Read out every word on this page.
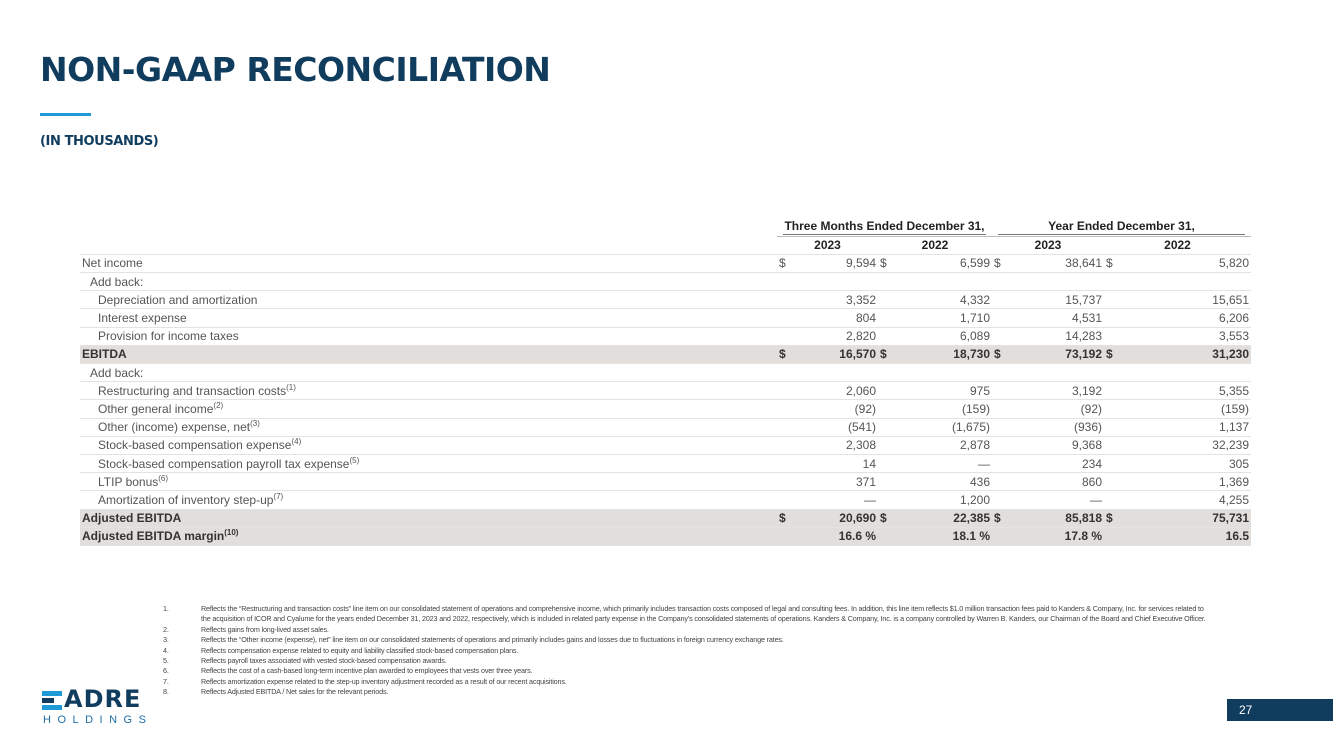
NON-GAAP RECONCILIATION
(IN THOUSANDS)

	Three Months Ended December 31,				Year Ended December 31,			

	2023		2022		2023		2022	
Net income	$	9,594	$	6,599	$	38,641	$	5,820
Add back:								
Depreciation and amortization		3,352		4,332		15,737		15,651
Interest expense		804		1,710		4,531		6,206
Provision for income taxes		2,820		6,089		14,283		3,553
EBITDA	$	16,570	$	18,730	$	73,192	$	31,230
Add back:								
Restructuring and transaction costs$^{(1)}$		2,060		975		3,192		5,355
Other general income$^{(2)}$		(92)		(159)		(92)		(159)
Other (income) expense, net$^{(3)}$		(541)		(1,675)		(936)		1,137
Stock-based compensation expense$^{(4)}$		2,308		2,878		9,368		32,239
Stock-based compensation payroll tax expense$^{(5)}$		14		—		234		305
LTIP bonus$^{(6)}$		371		436		860		1,369
Amortization of inventory step-$up^{(7)}$		—		1,200		—		4,255
Adjusted EBITDA	$	20,690	$	22,385	$	85,818	$	75,731
Adjusted EBITDA margin$^{(10)}$		16.6 %		18.1 %		17.8 %		16.5
1.	Reflects the “Restructuring and transaction costs” line item on our consolidated statement of operations and comprehensive income, which primarily includes transaction costs composed of legal and consulting fees. In addition, this line item reflects $1.0 million transaction fees paid to Kanders & Company, Inc. for services related to the acquisition of ICOR and Cyalume for the years ended December 31, 2023 and 2022, respectively, which is included in related party expense in the Company’s consolidated statements of operations. Kanders & Company, Inc. is a company controlled by Warren B. Kanders, our Chairman of the Board and Chief Executive Officer.
2.	Reflects gains from long-lived asset sales.
3.	Reflects the “Other income (expense), net” line item on our consolidated statements of operations and primarily includes gains and losses due to fluctuations in foreign currency exchange rates.
4.	Reflects compensation expense related to equity and liability classified stock-based compensation plans.
5.	Reflects payroll taxes associated with vested stock-based compensation awards.
6.	Reflects the cost of a cash-based long-term incentive plan awarded to employees that vests over three years.
7.	Reflects amortization expense related to the step-up inventory adjustment recorded as a result of our recent acquisitions.
8.	Reflects Adjusted EBITDA / Net sales for the relevant periods.
ADRE
HOLDINGS
27
